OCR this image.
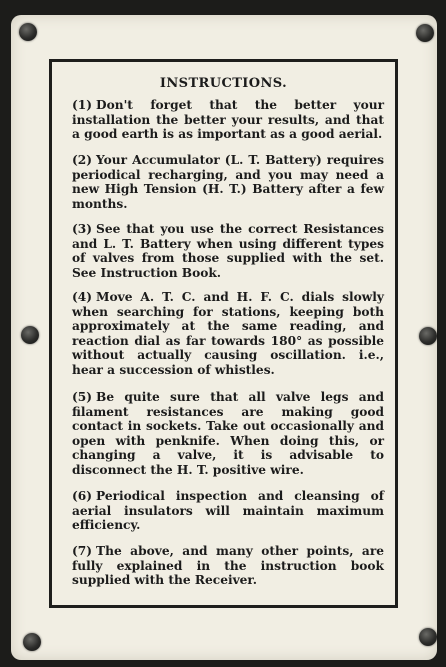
INSTRUCTIONS.
(1) Don't forget that the better your installation the better your results, and that a good earth is as important as a good aerial.
(2) Your Accumulator (L. T. Battery) requires periodical recharging, and you may need a new High Tension (H. T.) Battery after a few months.
(3) See that you use the correct Resistances and L. T. Battery when using different types of valves from those supplied with the set. See Instruction Book.
(4) Move A. T. C. and H. F. C. dials slowly when searching for stations, keeping both approximately at the same reading, and reaction dial as far towards 180° as possible without actually causing oscillation. i.e., hear a succession of whistles.
(5) Be quite sure that all valve legs and filament resistances are making good contact in sockets. Take out occasionally and open with penknife. When doing this, or changing a valve, it is advisable to disconnect the H. T. positive wire.
(6) Periodical inspection and cleansing of aerial insulators will maintain maximum efficiency.
(7) The above, and many other points, are fully explained in the instruction book supplied with the Receiver.
